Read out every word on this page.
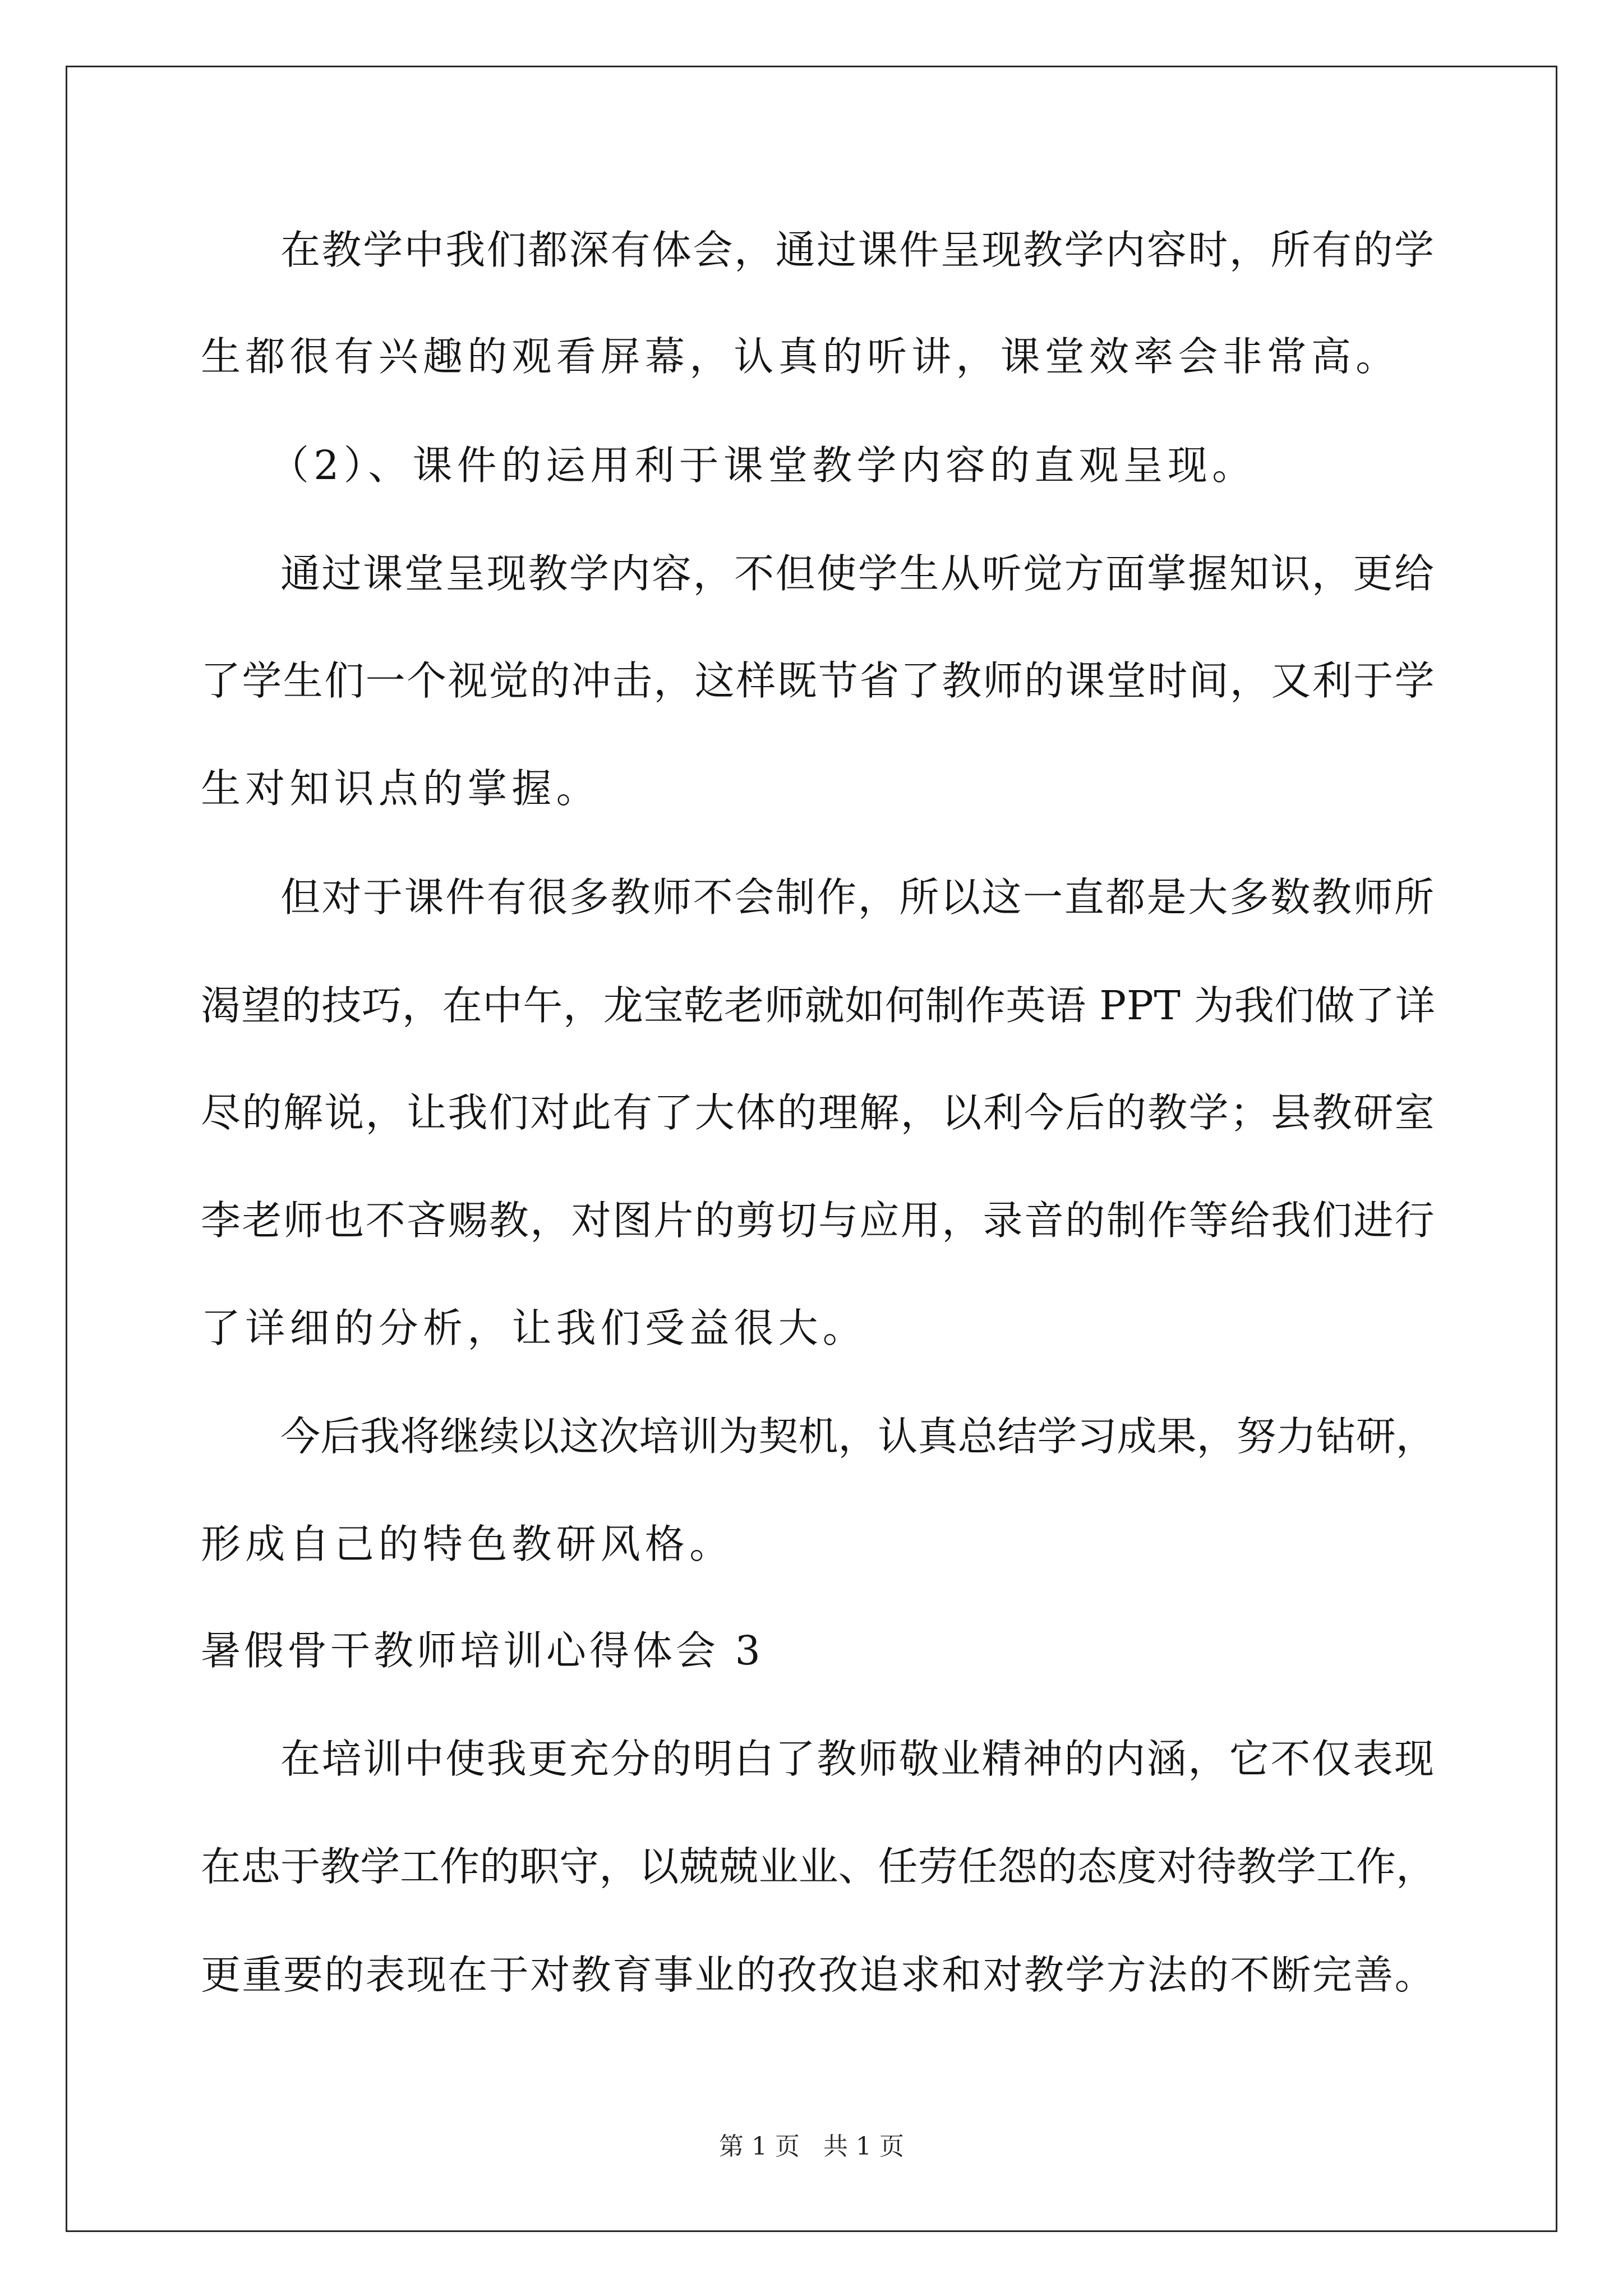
在教学中我们都深有体会，通过课件呈现教学内容时，所有的学
生都很有兴趣的观看屏幕，认真的听讲，课堂效率会非常高。
（2）、课件的运用利于课堂教学内容的直观呈现。
通过课堂呈现教学内容，不但使学生从听觉方面掌握知识，更给
了学生们一个视觉的冲击，这样既节省了教师的课堂时间，又利于学
生对知识点的掌握。
但对于课件有很多教师不会制作，所以这一直都是大多数教师所
渴望的技巧，在中午，龙宝乾老师就如何制作英语 PPT 为我们做了详
尽的解说，让我们对此有了大体的理解，以利今后的教学；县教研室
李老师也不吝赐教，对图片的剪切与应用，录音的制作等给我们进行
了详细的分析，让我们受益很大。
今后我将继续以这次培训为契机，认真总结学习成果，努力钻研，
形成自己的特色教研风格。
暑假骨干教师培训心得体会 3
在培训中使我更充分的明白了教师敬业精神的内涵，它不仅表现
在忠于教学工作的职守，以兢兢业业、任劳任怨的态度对待教学工作，
更重要的表现在于对教育事业的孜孜追求和对教学方法的不断完善。
第 1 页   共 1 页
